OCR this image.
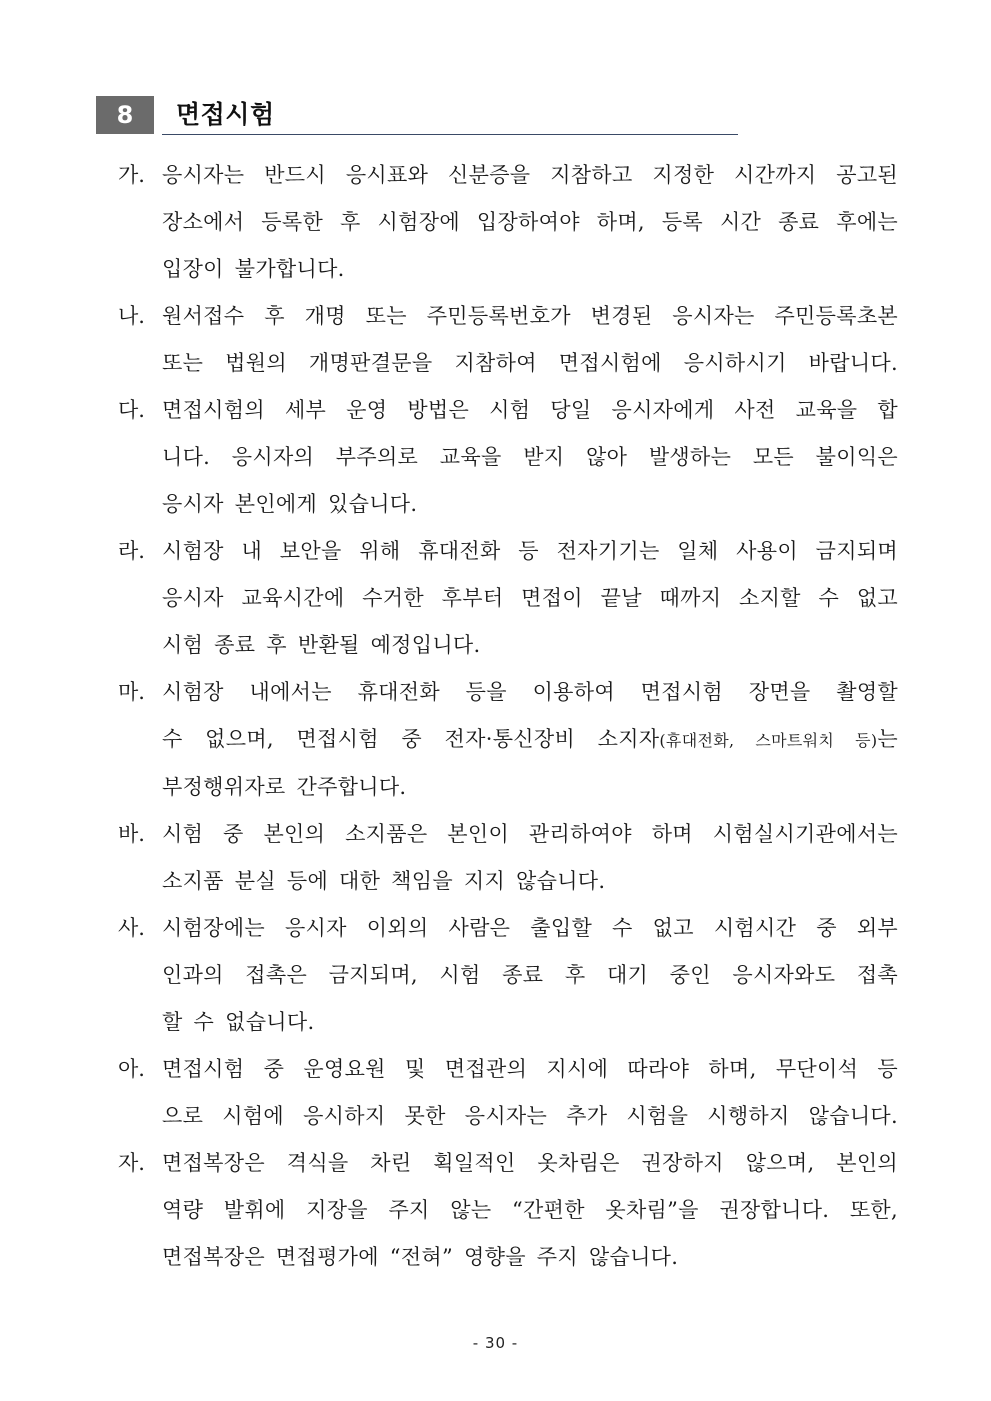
8	면접시험
가. 응시자는 반드시 응시표와 신분증을 지참하고 지정한 시간까지 공고된
장소에서 등록한 후 시험장에 입장하여야 하며, 등록 시간 종료 후에는
입장이 불가합니다.
나. 원서접수 후 개명 또는 주민등록번호가 변경된 응시자는 주민등록초본
또는 법원의 개명판결문을 지참하여 면접시험에 응시하시기 바랍니다.
다. 면접시험의 세부 운영 방법은 시험 당일 응시자에게 사전 교육을 합
니다. 응시자의 부주의로 교육을 받지 않아 발생하는 모든 불이익은
응시자 본인에게 있습니다.
라. 시험장 내 보안을 위해 휴대전화 등 전자기기는 일체 사용이 금지되며
응시자 교육시간에 수거한 후부터 면접이 끝날 때까지 소지할 수 없고
시험 종료 후 반환될 예정입니다.
마. 시험장 내에서는 휴대전화 등을 이용하여 면접시험 장면을 촬영할
수 없으며, 면접시험 중 전자·통신장비 소지자(휴대전화, 스마트워치 등)는
부정행위자로 간주합니다.
바. 시험 중 본인의 소지품은 본인이 관리하여야 하며 시험실시기관에서는
소지품 분실 등에 대한 책임을 지지 않습니다.
사. 시험장에는 응시자 이외의 사람은 출입할 수 없고 시험시간 중 외부
인과의 접촉은 금지되며, 시험 종료 후 대기 중인 응시자와도 접촉
할 수 없습니다.
아. 면접시험 중 운영요원 및 면접관의 지시에 따라야 하며, 무단이석 등
으로 시험에 응시하지 못한 응시자는 추가 시험을 시행하지 않습니다.
자. 면접복장은 격식을 차린 획일적인 옷차림은 권장하지 않으며, 본인의
역량 발휘에 지장을 주지 않는 “간편한 옷차림”을 권장합니다. 또한,
면접복장은 면접평가에 “전혀” 영향을 주지 않습니다.
- 30 -
